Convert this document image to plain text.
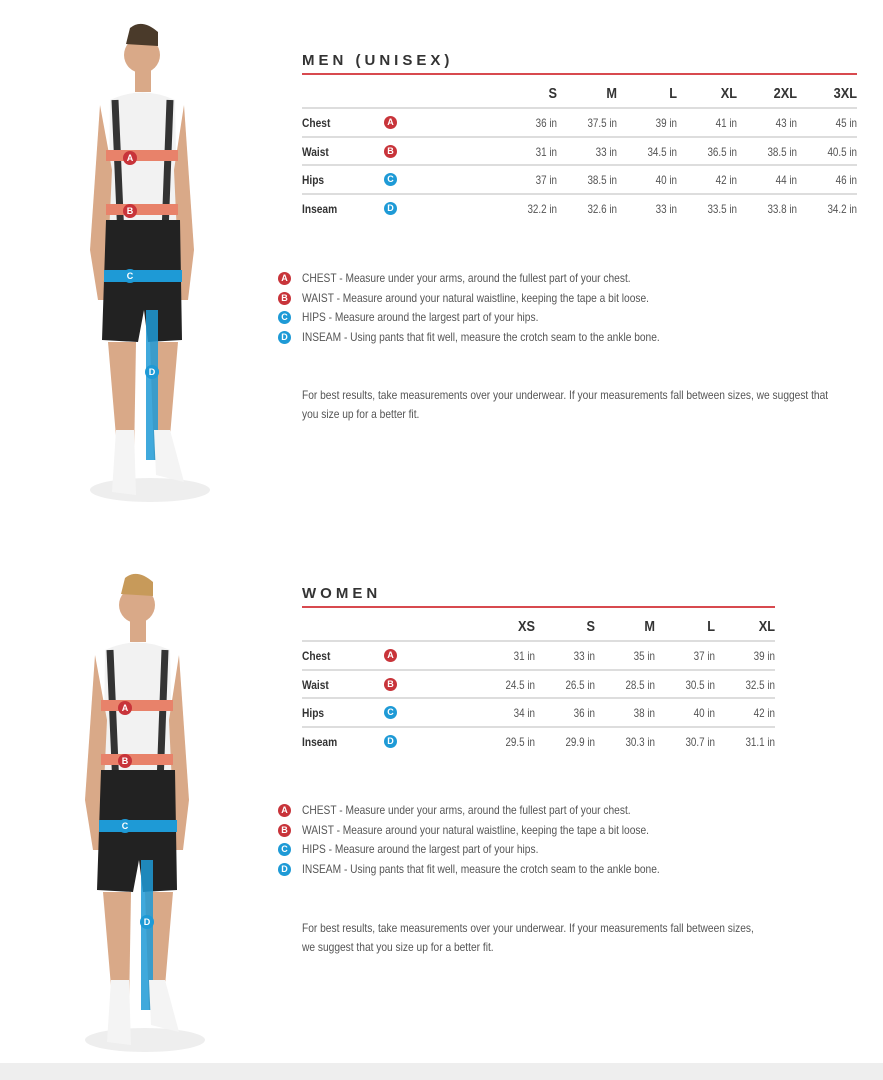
A
B
C
D
A
B
C
D
MEN (UNISEX)
S	M	L	XL	2XL	3XL
Chest	A	36 in	37.5 in	39 in	41 in	43 in	45 in
Waist	B	31 in	33 in	34.5 in	36.5 in	38.5 in	40.5 in
Hips	C	37 in	38.5 in	40 in	42 in	44 in	46 in
Inseam	D	32.2 in	32.6 in	33 in	33.5 in	33.8 in	34.2 in
A CHEST - Measure under your arms, around the fullest part of your chest.
B WAIST - Measure around your natural waistline, keeping the tape a bit loose.
C HIPS - Measure around the largest part of your hips.
D INSEAM - Using pants that fit well, measure the crotch seam to the ankle bone.
For best results, take measurements over your underwear. If your measurements fall between sizes, we suggest that you size up for a better fit.
WOMEN
XS	S	M	L	XL
Chest	A	31 in	33 in	35 in	37 in	39 in
Waist	B	24.5 in	26.5 in	28.5 in	30.5 in	32.5 in
Hips	C	34 in	36 in	38 in	40 in	42 in
Inseam	D	29.5 in	29.9 in	30.3 in	30.7 in	31.1 in
A CHEST - Measure under your arms, around the fullest part of your chest.
B WAIST - Measure around your natural waistline, keeping the tape a bit loose.
C HIPS - Measure around the largest part of your hips.
D INSEAM - Using pants that fit well, measure the crotch seam to the ankle bone.
For best results, take measurements over your underwear. If your measurements fall between sizes, we suggest that you size up for a better fit.
